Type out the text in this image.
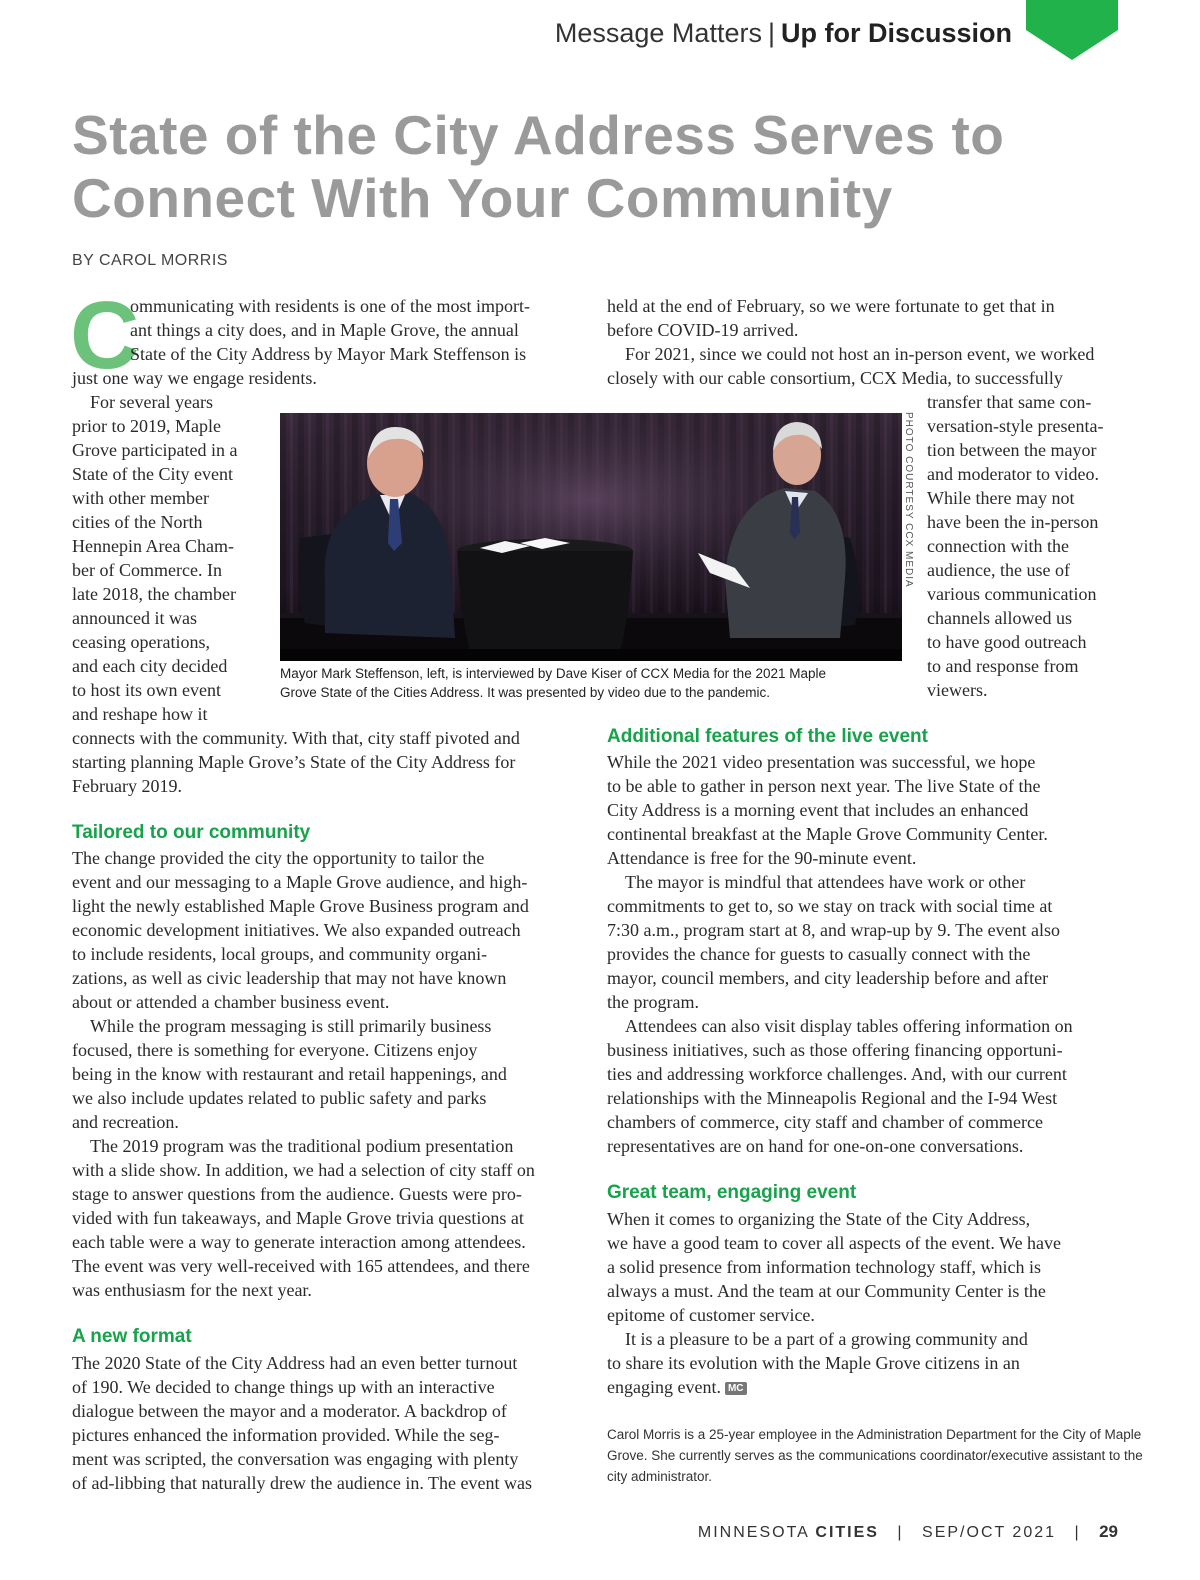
Message Matters | Up for Discussion
State of the City Address Serves to
Connect With Your Community
BY CAROL MORRIS
C
ommunicating with residents is one of the most import-
ant things a city does, and in Maple Grove, the annual
State of the City Address by Mayor Mark Steffenson is
just one way we engage residents.
For several years
prior to 2019, Maple
Grove participated in a
State of the City event
with other member
cities of the North
Hennepin Area Cham-
ber of Commerce. In
late 2018, the chamber
announced it was
ceasing operations,
and each city decided
to host its own event
and reshape how it
connects with the community. With that, city staff pivoted and
starting planning Maple Grove’s State of the City Address for
February 2019.
Tailored to our community
The change provided the city the opportunity to tailor the
event and our messaging to a Maple Grove audience, and high-
light the newly established Maple Grove Business program and
economic development initiatives. We also expanded outreach
to include residents, local groups, and community organi-
zations, as well as civic leadership that may not have known
about or attended a chamber business event.
While the program messaging is still primarily business
focused, there is something for everyone. Citizens enjoy
being in the know with restaurant and retail happenings, and
we also include updates related to public safety and parks
and recreation.
The 2019 program was the traditional podium presentation
with a slide show. In addition, we had a selection of city staff on
stage to answer questions from the audience. Guests were pro-
vided with fun takeaways, and Maple Grove trivia questions at
each table were a way to generate interaction among attendees.
The event was very well-received with 165 attendees, and there
was enthusiasm for the next year.
A new format
The 2020 State of the City Address had an even better turnout
of 190. We decided to change things up with an interactive
dialogue between the mayor and a moderator. A backdrop of
pictures enhanced the information provided. While the seg-
ment was scripted, the conversation was engaging with plenty
of ad-libbing that naturally drew the audience in. The event was
held at the end of February, so we were fortunate to get that in
before COVID-19 arrived.
For 2021, since we could not host an in-person event, we worked
closely with our cable consortium, CCX Media, to successfully
transfer that same con-
versation-style presenta-
tion between the mayor
and moderator to video.
While there may not
have been the in-person
connection with the
audience, the use of
various communication
channels allowed us
to have good outreach
to and response from
viewers.
PHOTO COURTESY CCX MEDIA
Mayor Mark Steffenson, left, is interviewed by Dave Kiser of CCX Media for the 2021 Maple
Grove State of the Cities Address. It was presented by video due to the pandemic.
Additional features of the live event
While the 2021 video presentation was successful, we hope
to be able to gather in person next year. The live State of the
City Address is a morning event that includes an enhanced
continental breakfast at the Maple Grove Community Center.
Attendance is free for the 90-minute event.
The mayor is mindful that attendees have work or other
commitments to get to, so we stay on track with social time at
7:30 a.m., program start at 8, and wrap-up by 9. The event also
provides the chance for guests to casually connect with the
mayor, council members, and city leadership before and after
the program.
Attendees can also visit display tables offering information on
business initiatives, such as those offering financing opportuni-
ties and addressing workforce challenges. And, with our current
relationships with the Minneapolis Regional and the I-94 West
chambers of commerce, city staff and chamber of commerce
representatives are on hand for one-on-one conversations.
Great team, engaging event
When it comes to organizing the State of the City Address,
we have a good team to cover all aspects of the event. We have
a solid presence from information technology staff, which is
always a must. And the team at our Community Center is the
epitome of customer service.
It is a pleasure to be a part of a growing community and
to share its evolution with the Maple Grove citizens in an
engaging event. MC
Carol Morris is a 25-year employee in the Administration Department for the City of Maple
Grove. She currently serves as the communications coordinator/executive assistant to the
city administrator.
MINNESOTA CITIES | SEP/OCT 2021 | 29
